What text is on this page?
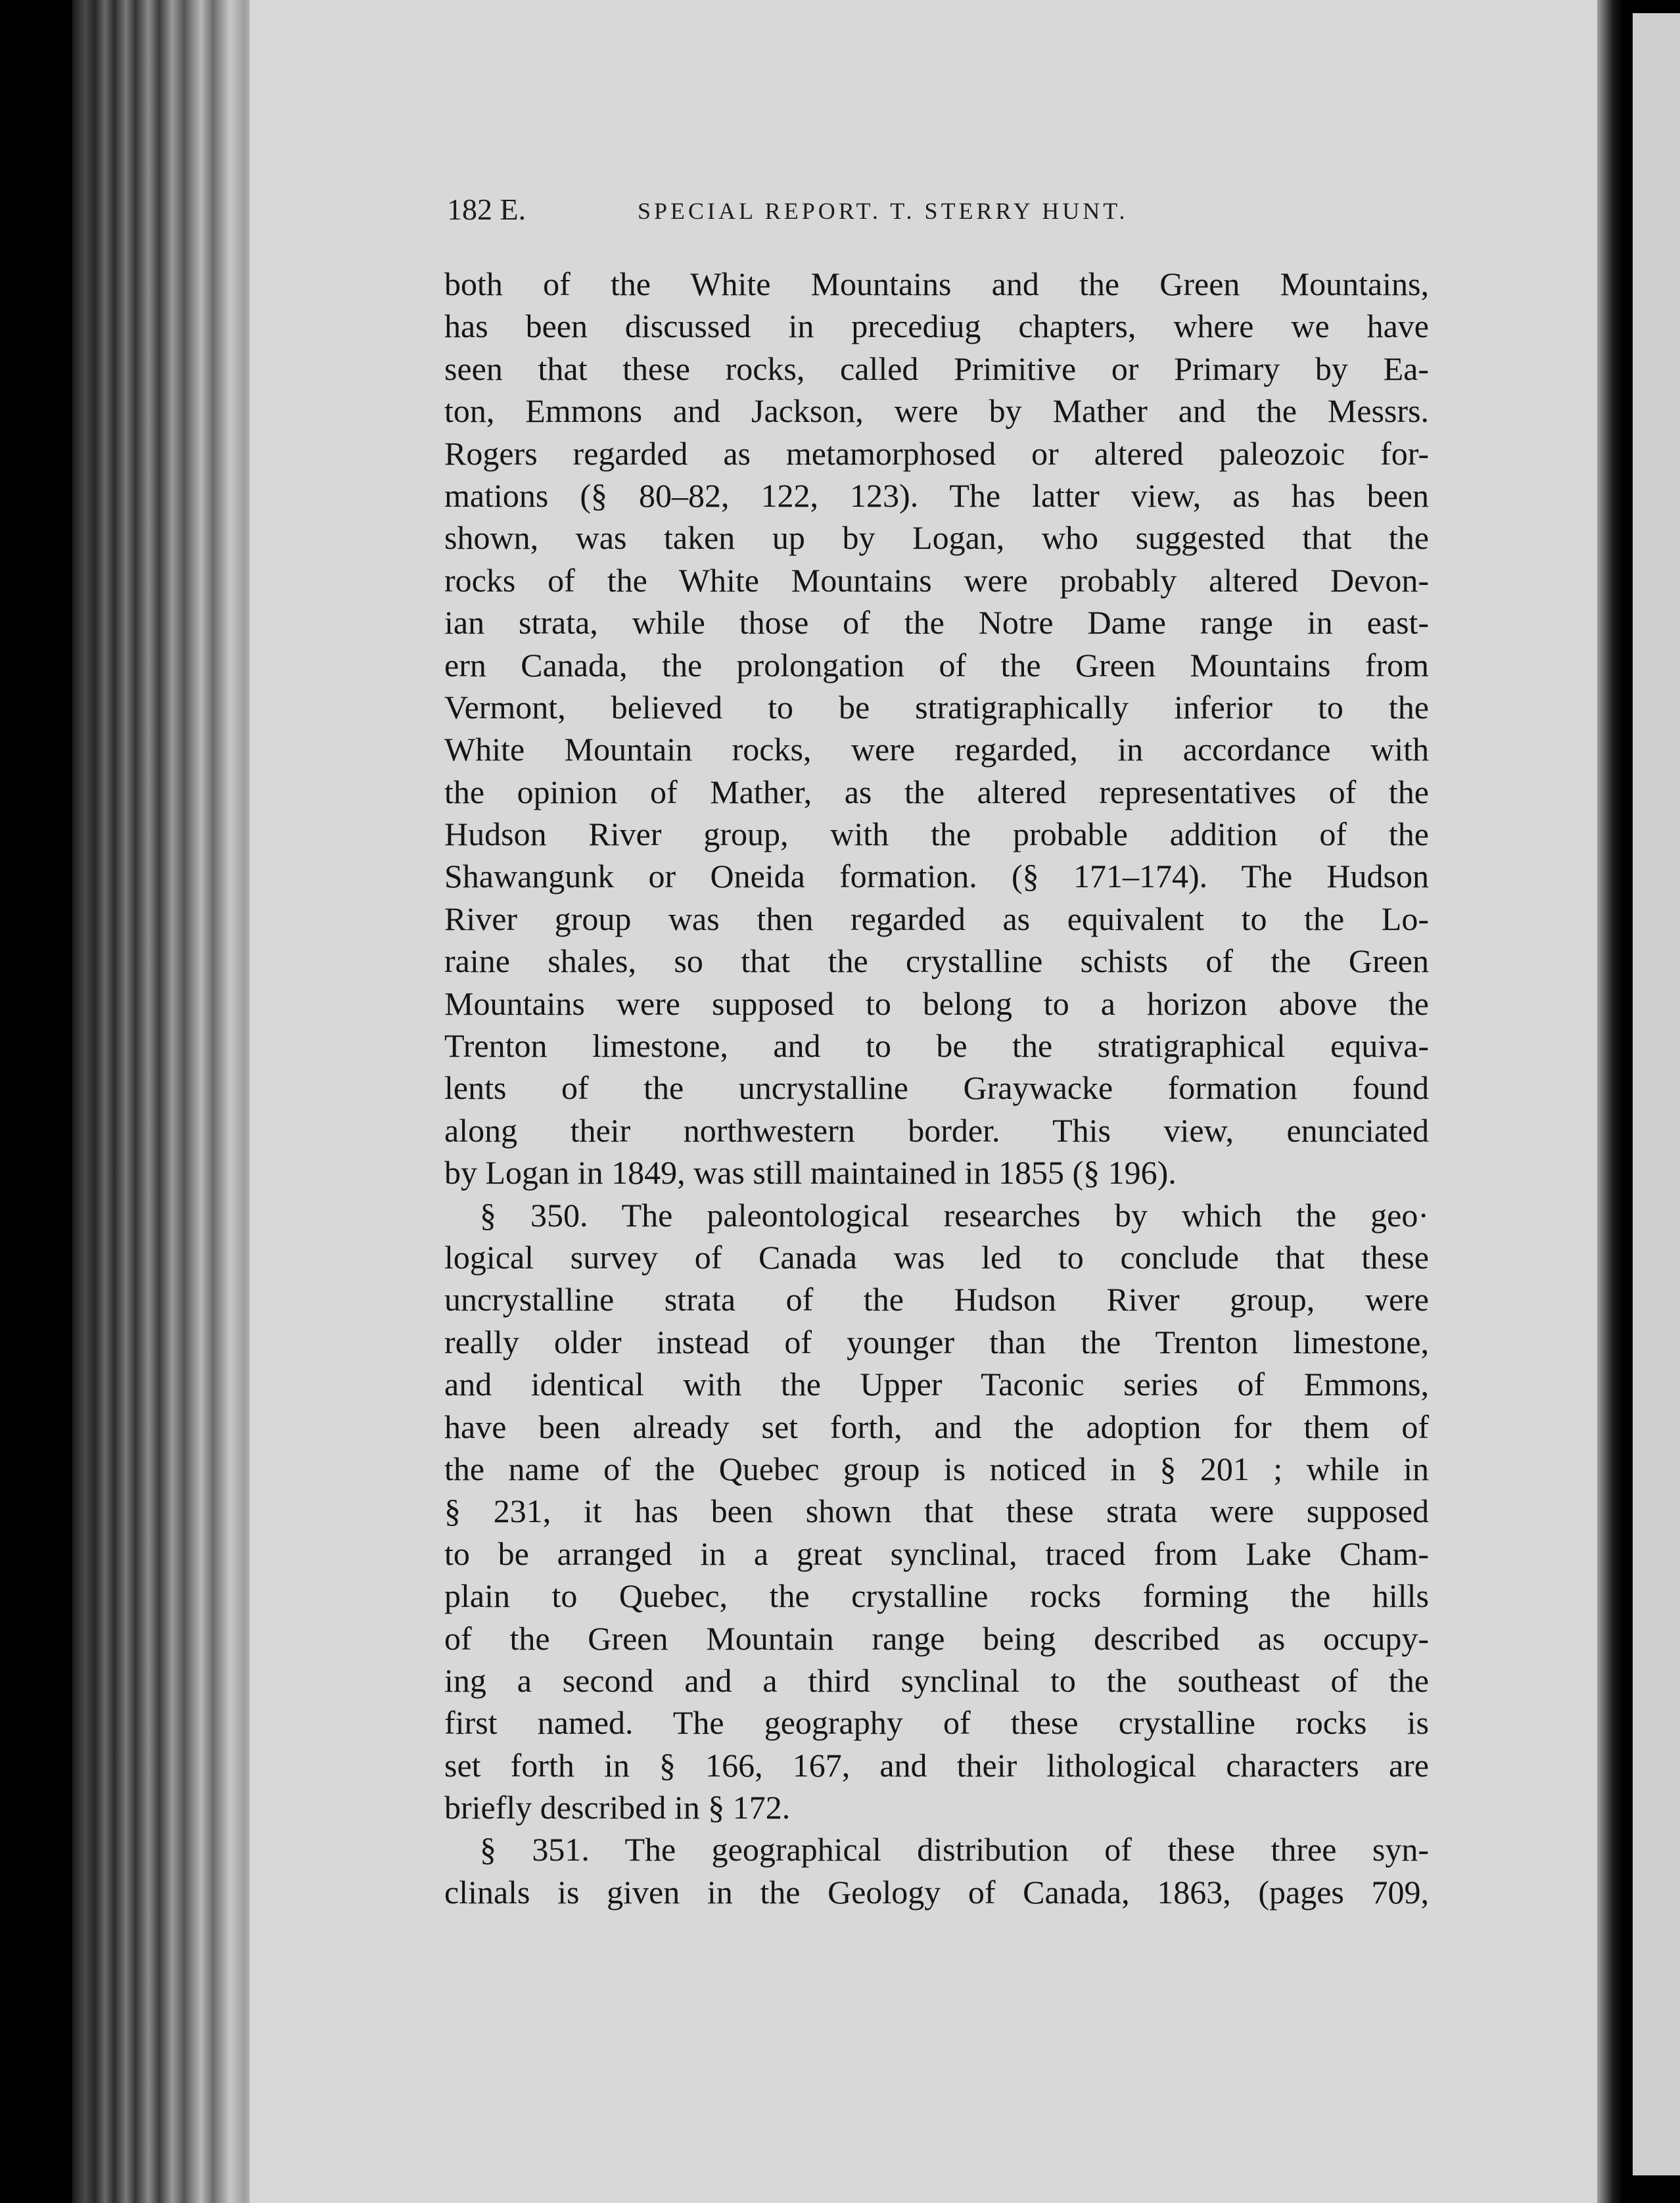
182 E.	SPECIAL REPORT. T. STERRY HUNT.
both of the White Mountains and the Green Mountains,
has been discussed in precediug chapters, where we have
seen that these rocks, called Primitive or Primary by Ea-
ton, Emmons and Jackson, were by Mather and the Messrs.
Rogers regarded as metamorphosed or altered paleozoic for-
mations (§ 80–82, 122, 123). The latter view, as has been
shown, was taken up by Logan, who suggested that the
rocks of the White Mountains were probably altered Devon-
ian strata, while those of the Notre Dame range in east-
ern Canada, the prolongation of the Green Mountains from
Vermont, believed to be stratigraphically inferior to the
White Mountain rocks, were regarded, in accordance with
the opinion of Mather, as the altered representatives of the
Hudson River group, with the probable addition of the
Shawangunk or Oneida formation. (§ 171–174). The Hudson
River group was then regarded as equivalent to the Lo-
raine shales, so that the crystalline schists of the Green
Mountains were supposed to belong to a horizon above the
Trenton limestone, and to be the stratigraphical equiva-
lents of the uncrystalline Graywacke formation found
along their northwestern border. This view, enunciated
by Logan in 1849, was still maintained in 1855 (§ 196).
§ 350. The paleontological researches by which the geo·
logical survey of Canada was led to conclude that these
uncrystalline strata of the Hudson River group, were
really older instead of younger than the Trenton limestone,
and identical with the Upper Taconic series of Emmons,
have been already set forth, and the adoption for them of
the name of the Quebec group is noticed in § 201 ; while in
§ 231, it has been shown that these strata were supposed
to be arranged in a great synclinal, traced from Lake Cham-
plain to Quebec, the crystalline rocks forming the hills
of the Green Mountain range being described as occupy-
ing a second and a third synclinal to the southeast of the
first named. The geography of these crystalline rocks is
set forth in § 166, 167, and their lithological characters are
briefly described in § 172.
§ 351. The geographical distribution of these three syn-
clinals is given in the Geology of Canada, 1863, (pages 709,
